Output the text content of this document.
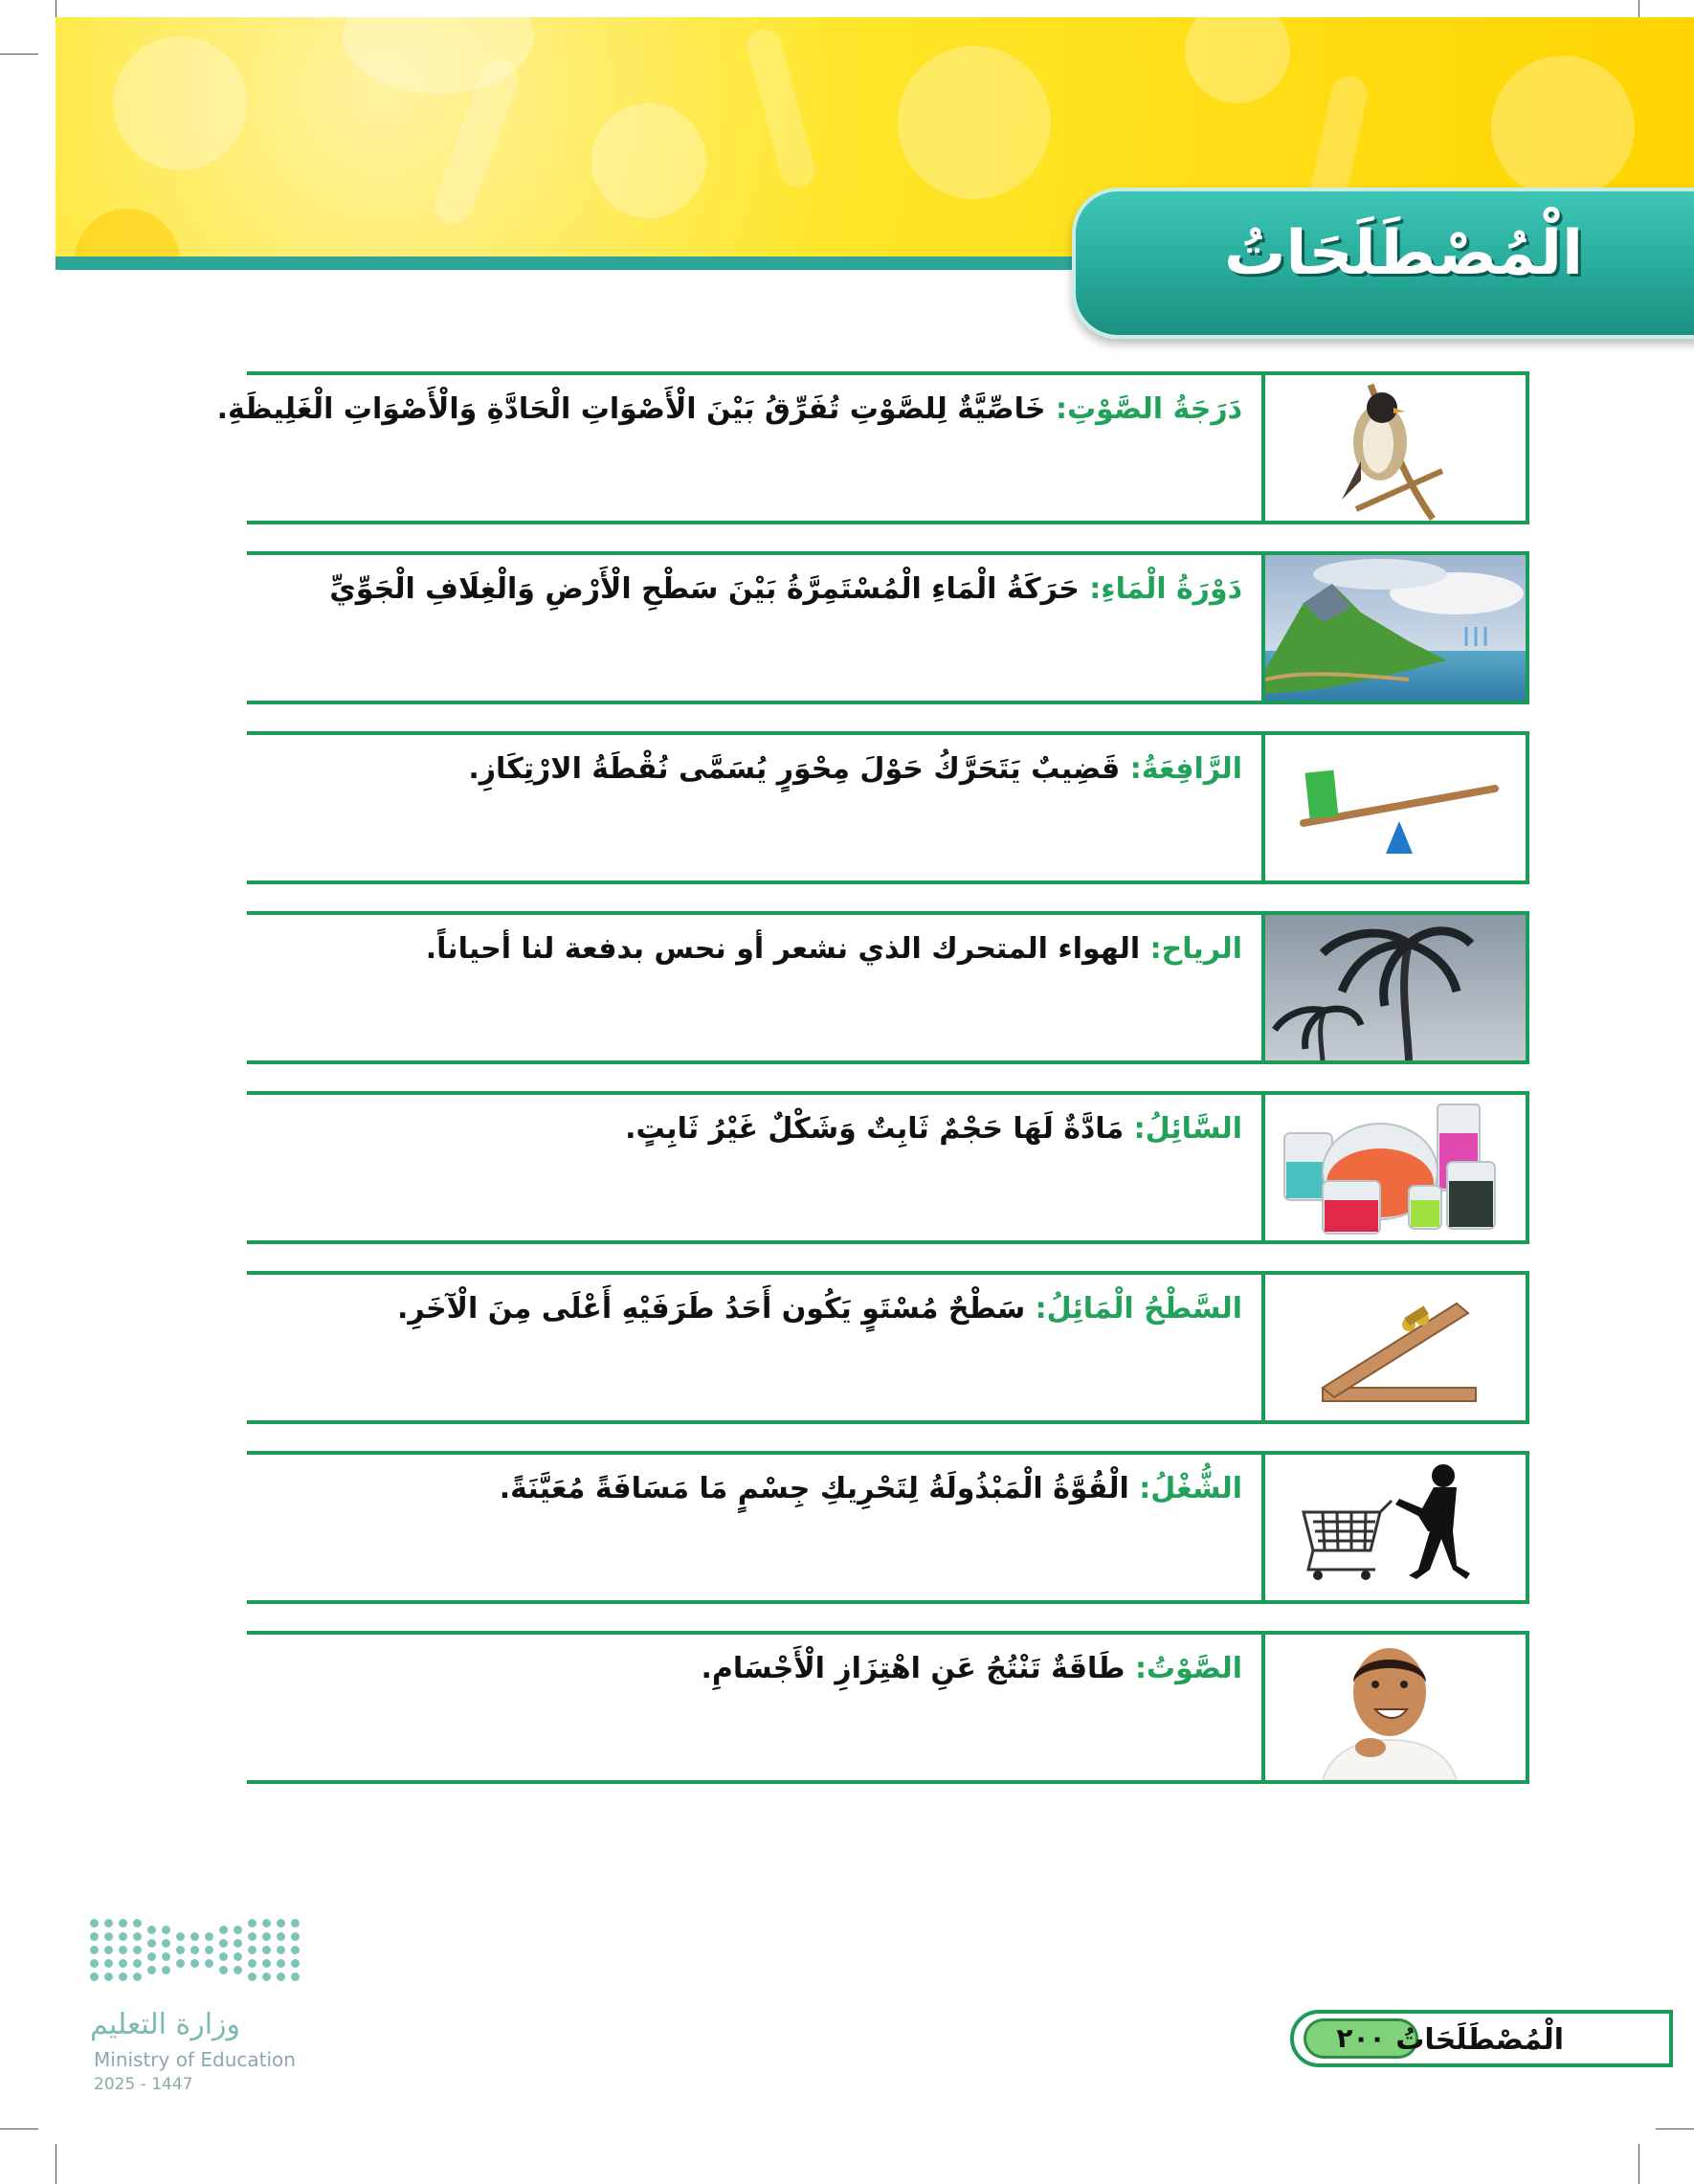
الْمُصْطَلَحَاتُ
دَرَجَةُ الصَّوْتِ: خَاصِّيَّةٌ لِلصَّوْتِ تُفَرِّقُ بَيْنَ الْأَصْوَاتِ الْحَادَّةِ وَالْأَصْوَاتِ الْغَلِيظَةِ.
دَوْرَةُ الْمَاءِ: حَرَكَةُ الْمَاءِ الْمُسْتَمِرَّةُ بَيْنَ سَطْحِ الْأَرْضِ وَالْغِلَافِ الْجَوِّيِّ
الرَّافِعَةُ: قَضِيبٌ يَتَحَرَّكُ حَوْلَ مِحْوَرٍ يُسَمَّى نُقْطَةُ الارْتِكَازِ.
الرياح: الهواء المتحرك الذي نشعر أو نحس بدفعة لنا أحياناً.
السَّائِلُ: مَادَّةٌ لَهَا حَجْمٌ ثَابِتٌ وَشَكْلٌ غَيْرُ ثَابِتٍ.
السَّطْحُ الْمَائِلُ: سَطْحٌ مُسْتَوٍ يَكُون أَحَدُ طَرَفَيْهِ أَعْلَى مِنَ الْآخَرِ.
الشُّغْلُ: الْقُوَّةُ الْمَبْذُولَةُ لِتَحْرِيكِ جِسْمٍ مَا مَسَافَةً مُعَيَّنَةً.
الصَّوْتُ: طَاقَةٌ تَنْتُجُ عَنِ اهْتِزَازِ الْأَجْسَامِ.
وزارة التعليم
Ministry of Education
2025 - 1447
٢٠٠ الْمُصْطَلَحَاتُ
